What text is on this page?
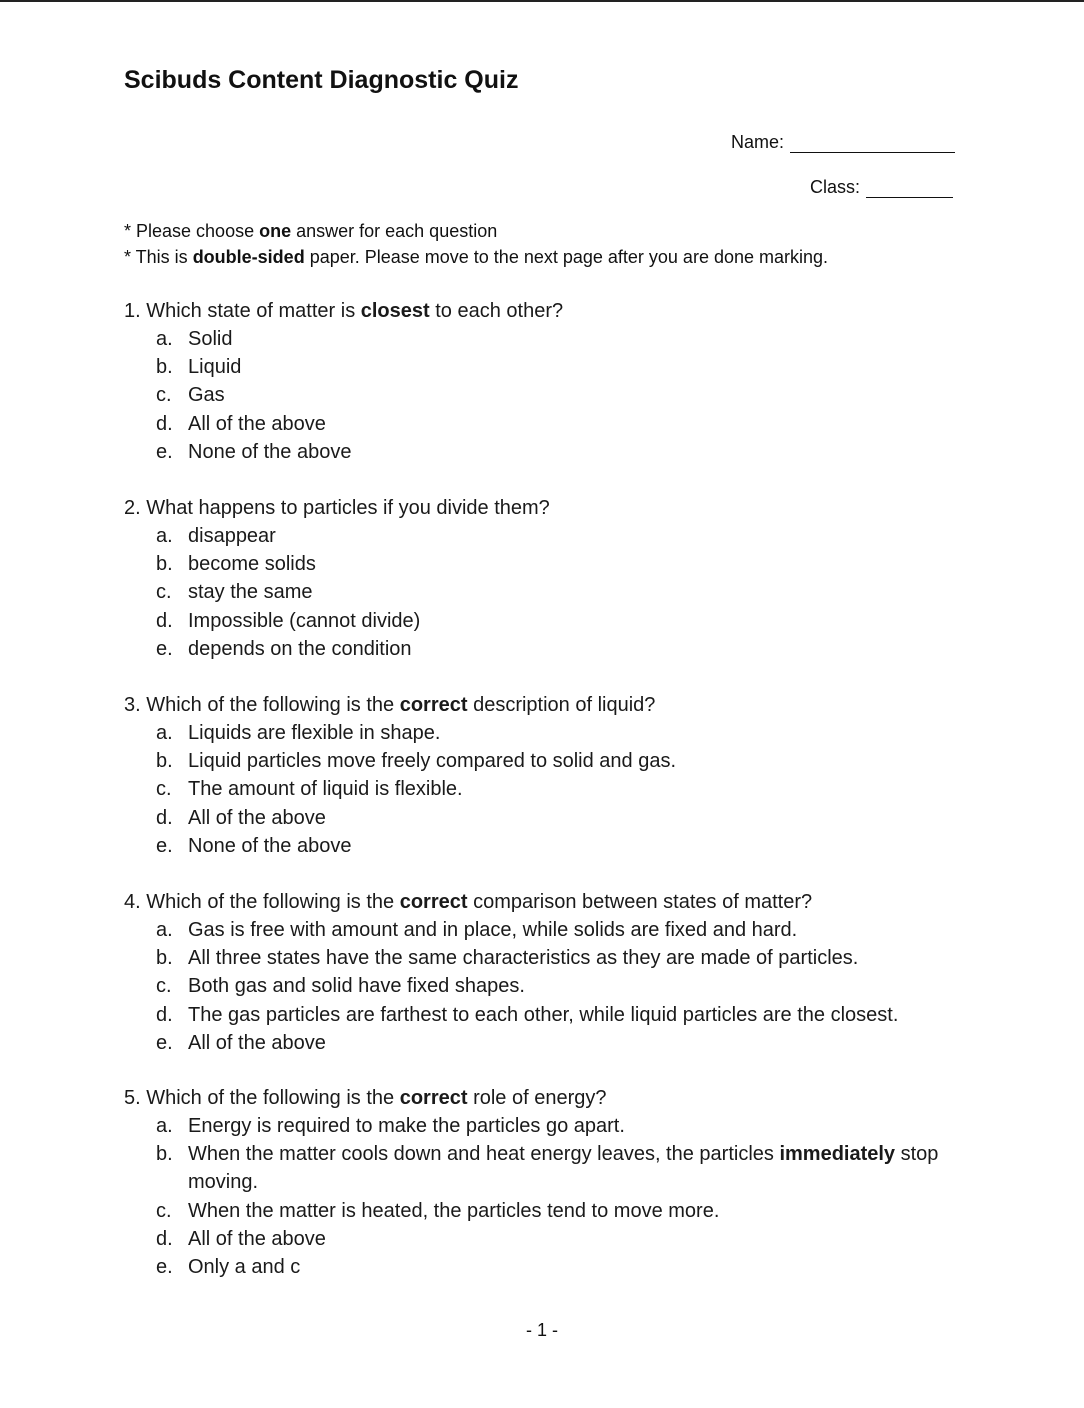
Scibuds Content Diagnostic Quiz
Name:
Class:
* Please choose one answer for each question
* This is double-sided paper. Please move to the next page after you are done marking.
1. Which state of matter is closest to each other?
a. Solid
b. Liquid
c. Gas
d. All of the above
e. None of the above
2. What happens to particles if you divide them?
a. disappear
b. become solids
c. stay the same
d. Impossible (cannot divide)
e. depends on the condition
3. Which of the following is the correct description of liquid?
a. Liquids are flexible in shape.
b. Liquid particles move freely compared to solid and gas.
c. The amount of liquid is flexible.
d. All of the above
e. None of the above
4. Which of the following is the correct comparison between states of matter?
a. Gas is free with amount and in place, while solids are fixed and hard.
b. All three states have the same characteristics as they are made of particles.
c. Both gas and solid have fixed shapes.
d. The gas particles are farthest to each other, while liquid particles are the closest.
e. All of the above
5. Which of the following is the correct role of energy?
a. Energy is required to make the particles go apart.
b. When the matter cools down and heat energy leaves, the particles immediately stop moving.
c. When the matter is heated, the particles tend to move more.
d. All of the above
e. Only a and c
- 1 -
